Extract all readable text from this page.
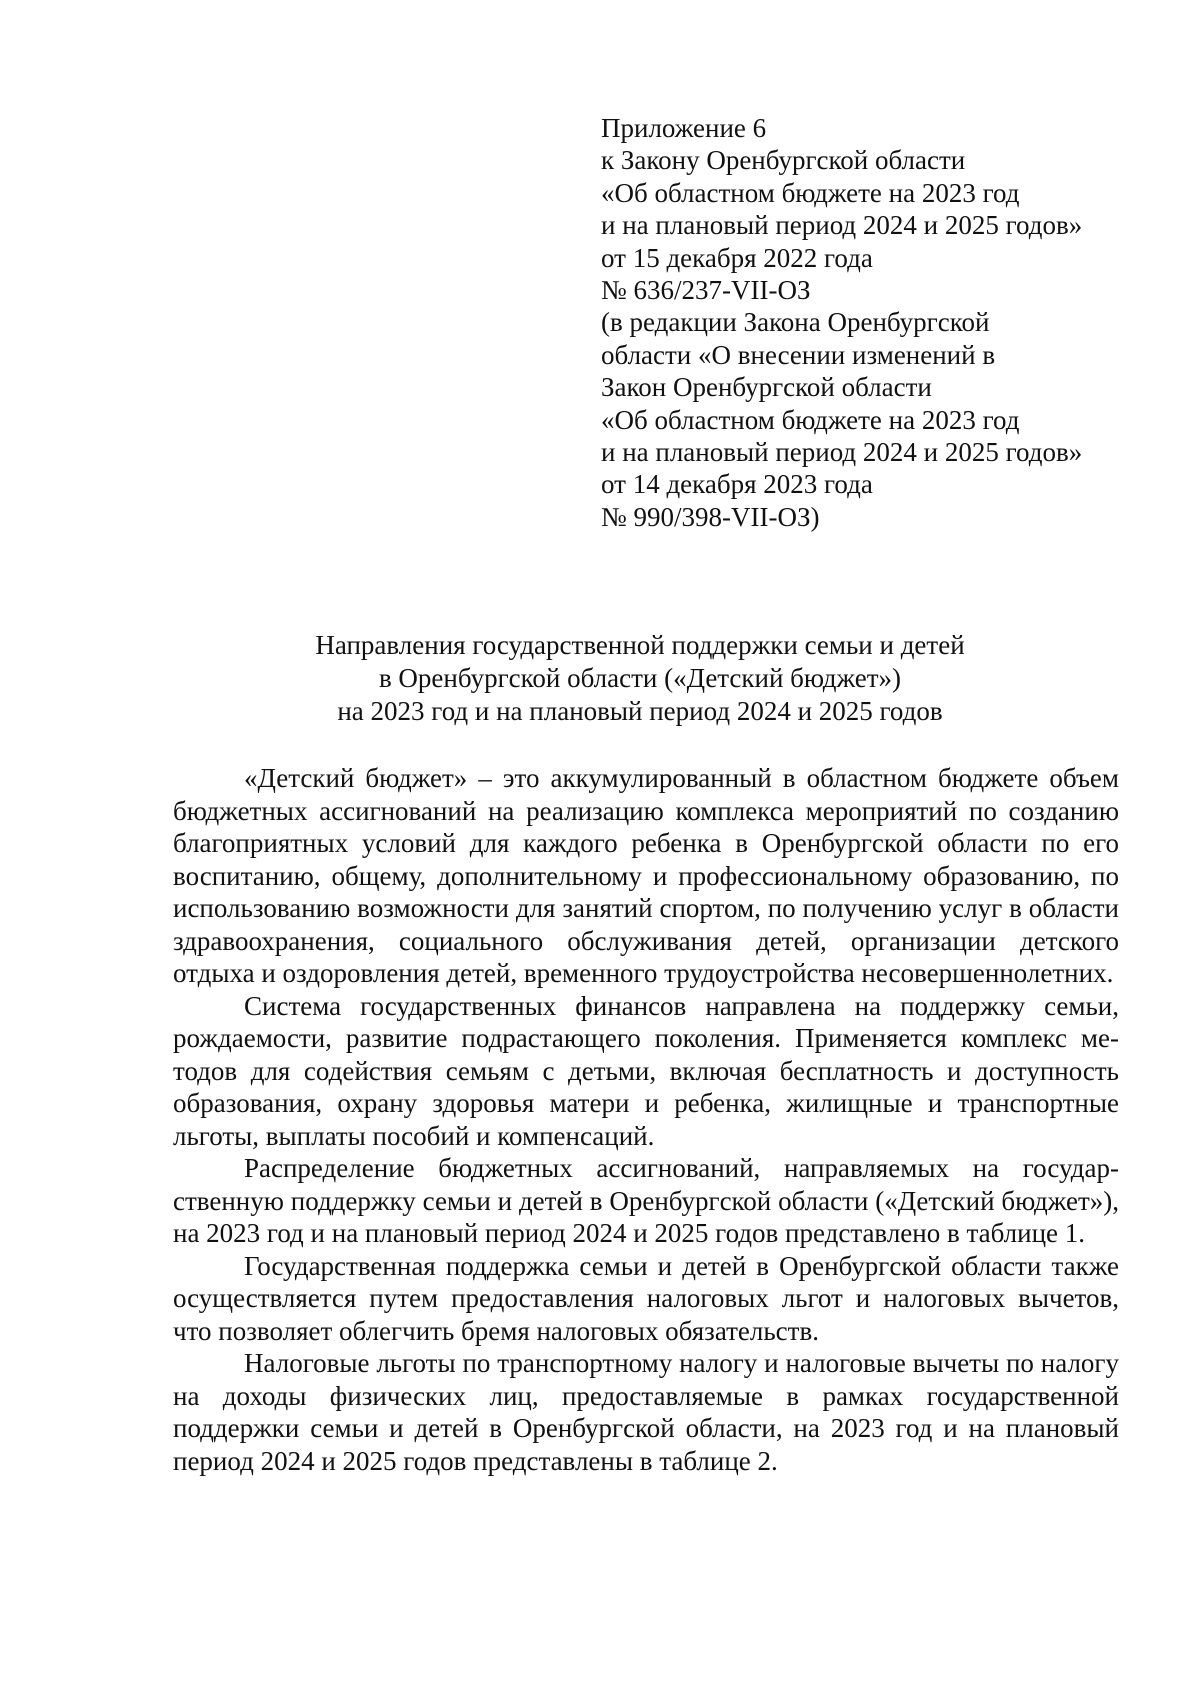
Приложение 6
к Закону Оренбургской области
«Об областном бюджете на 2023 год
и на плановый период 2024 и 2025 годов»
от 15 декабря 2022 года
№ 636/237-VII-ОЗ
(в редакции Закона Оренбургской
области «О внесении изменений в
Закон Оренбургской области
«Об областном бюджете на 2023 год
и на плановый период 2024 и 2025 годов»
от 14 декабря 2023 года
№ 990/398-VII-ОЗ)
Направления государственной поддержки семьи и детей
в Оренбургской области («Детский бюджет»)
на 2023 год и на плановый период 2024 и 2025 годов

«Детский бюджет» – это аккумулированный в областном бюджете объем бюджетных ассигнований на реализацию комплекса мероприятий по созданию благоприятных условий для каждого ребенка в Оренбургской области по его воспитанию, общему, дополнительному и профессиональному образованию, по использованию возможности для занятий спортом, по получению услуг в области здравоохранения, социального обслуживания детей, организации детского отдыха и оздоровления детей, временного трудоустройства несовершеннолетних.

Система государственных финансов направлена на поддержку семьи, рождаемости, развитие подрастающего поколения. Применяется комплекс методов для содействия семьям с детьми, включая бесплатность и доступность образования, охрану здоровья матери и ребенка, жилищные и транспортные льготы, выплаты пособий и компенсаций.

Распределение бюджетных ассигнований, направляемых на государственную поддержку семьи и детей в Оренбургской области («Детский бюджет»), на 2023 год и на плановый период 2024 и 2025 годов представлено в таблице 1.

Государственная поддержка семьи и детей в Оренбургской области также осуществляется путем предоставления налоговых льгот и налоговых вычетов, что позволяет облегчить бремя налоговых обязательств.

Налоговые льготы по транспортному налогу и налоговые вычеты по налогу на доходы физических лиц, предоставляемые в рамках государственной поддержки семьи и детей в Оренбургской области, на 2023 год и на плановый период 2024 и 2025 годов представлены в таблице 2.
